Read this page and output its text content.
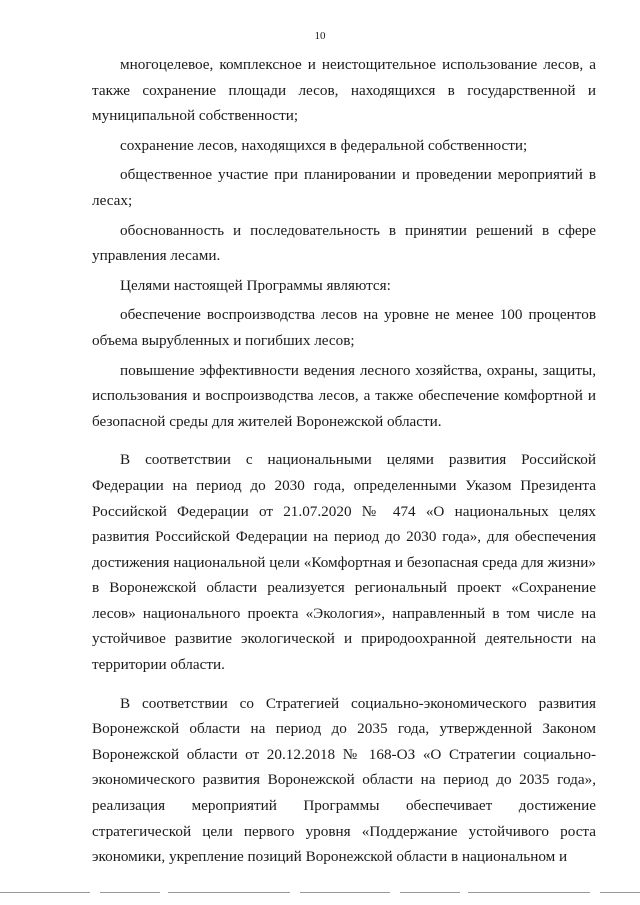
10

многоцелевое, комплексное и неистощительное использование лесов, а также сохранение площади лесов, находящихся в государственной и муниципальной собственности;

сохранение лесов, находящихся в федеральной собственности;

общественное участие при планировании и проведении мероприятий в лесах;

обоснованность и последовательность в принятии решений в сфере управления лесами.

Целями настоящей Программы являются:

обеспечение воспроизводства лесов на уровне не менее 100 процентов объема вырубленных и погибших лесов;

повышение эффективности ведения лесного хозяйства, охраны, защиты, использования и воспроизводства лесов, а также обеспечение комфортной и безопасной среды для жителей Воронежской области.

В соответствии с национальными целями развития Российской Федерации на период до 2030 года, определенными Указом Президента Российской Федерации от 21.07.2020 № 474 «О национальных целях развития Российской Федерации на период до 2030 года», для обеспечения достижения национальной цели «Комфортная и безопасная среда для жизни» в Воронежской области реализуется региональный проект «Сохранение лесов» национального проекта «Экология», направленный в том числе на устойчивое развитие экологической и природоохранной деятельности на территории области.

В соответствии со Стратегией социально-экономического развития Воронежской области на период до 2035 года, утвержденной Законом Воронежской области от 20.12.2018 № 168-ОЗ «О Стратегии социально-экономического развития Воронежской области на период до 2035 года», реализация мероприятий Программы обеспечивает достижение стратегической цели первого уровня «Поддержание устойчивого роста экономики, укрепление позиций Воронежской области в национальном и
